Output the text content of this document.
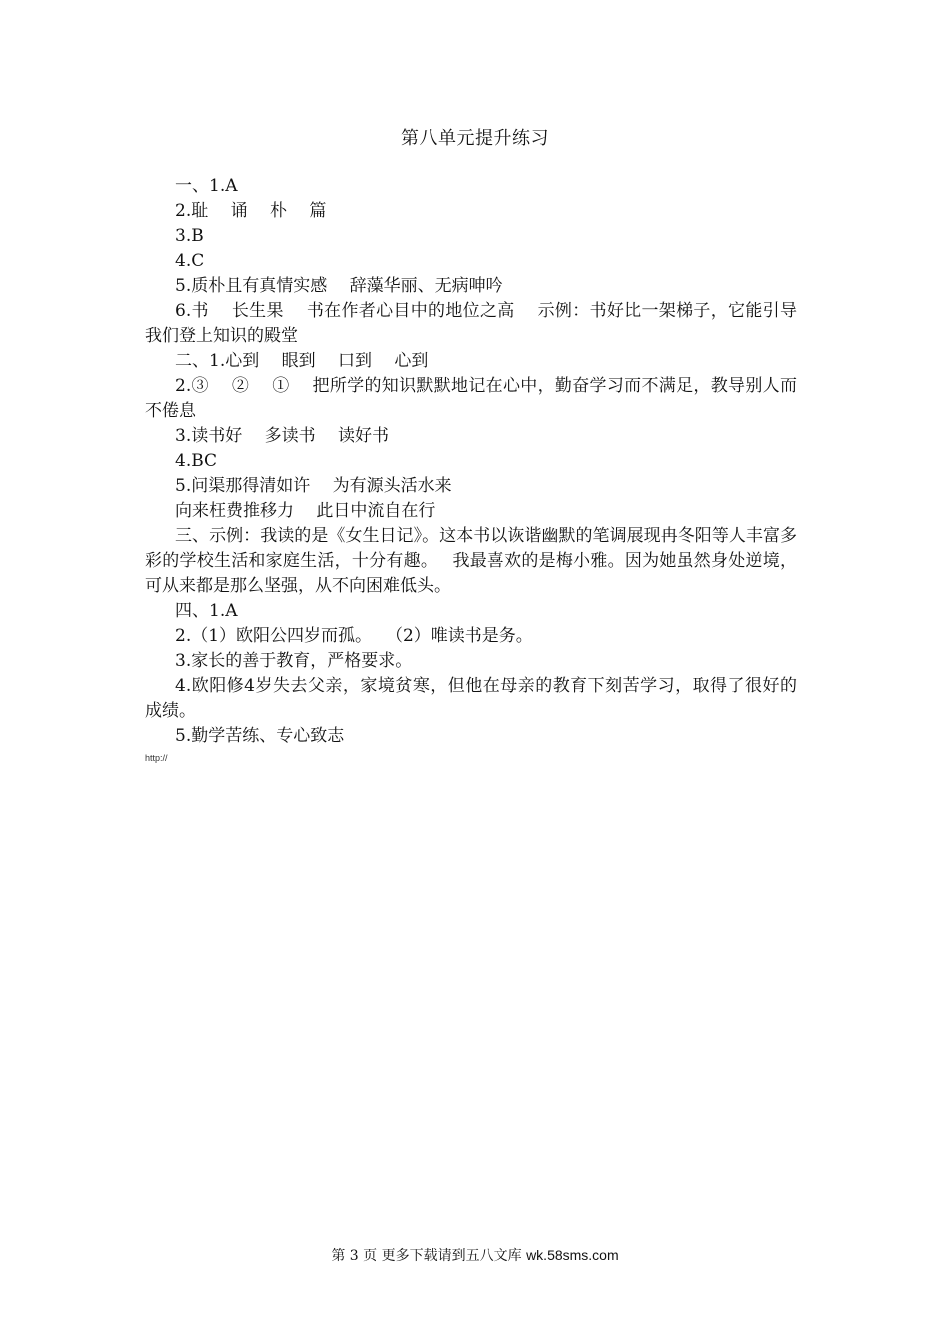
第八单元提升练习
一、1.A
2.耻　 诵　 朴　 篇
3.B
4.C
5.质朴且有真情实感　 辞藻华丽、无病呻吟
6.书　 长生果　 书在作者心目中的地位之高　 示例：书好比一架梯子，它能引导我们登上知识的殿堂
二、1.心到　 眼到　 口到　 心到
2.③　 ②　 ①　 把所学的知识默默地记在心中，勤奋学习而不满足，教导别人而不倦息
3.读书好　 多读书　 读好书
4.BC
5.问渠那得清如许　 为有源头活水来
向来枉费推移力　 此日中流自在行
三、示例：我读的是《女生日记》。这本书以诙谐幽默的笔调展现冉冬阳等人丰富多彩的学校生活和家庭生活，十分有趣。　 我最喜欢的是梅小雅。因为她虽然身处逆境，可从来都是那么坚强，从不向困难低头。
四、1.A
2.（1）欧阳公四岁而孤。　 （2）唯读书是务。
3.家长的善于教育，严格要求。
4.欧阳修4岁失去父亲，家境贫寒，但他在母亲的教育下刻苦学习，取得了很好的成绩。
5.勤学苦练、专心致志
http://
第 3 页 更多下载请到五八文库 wk.58sms.com
